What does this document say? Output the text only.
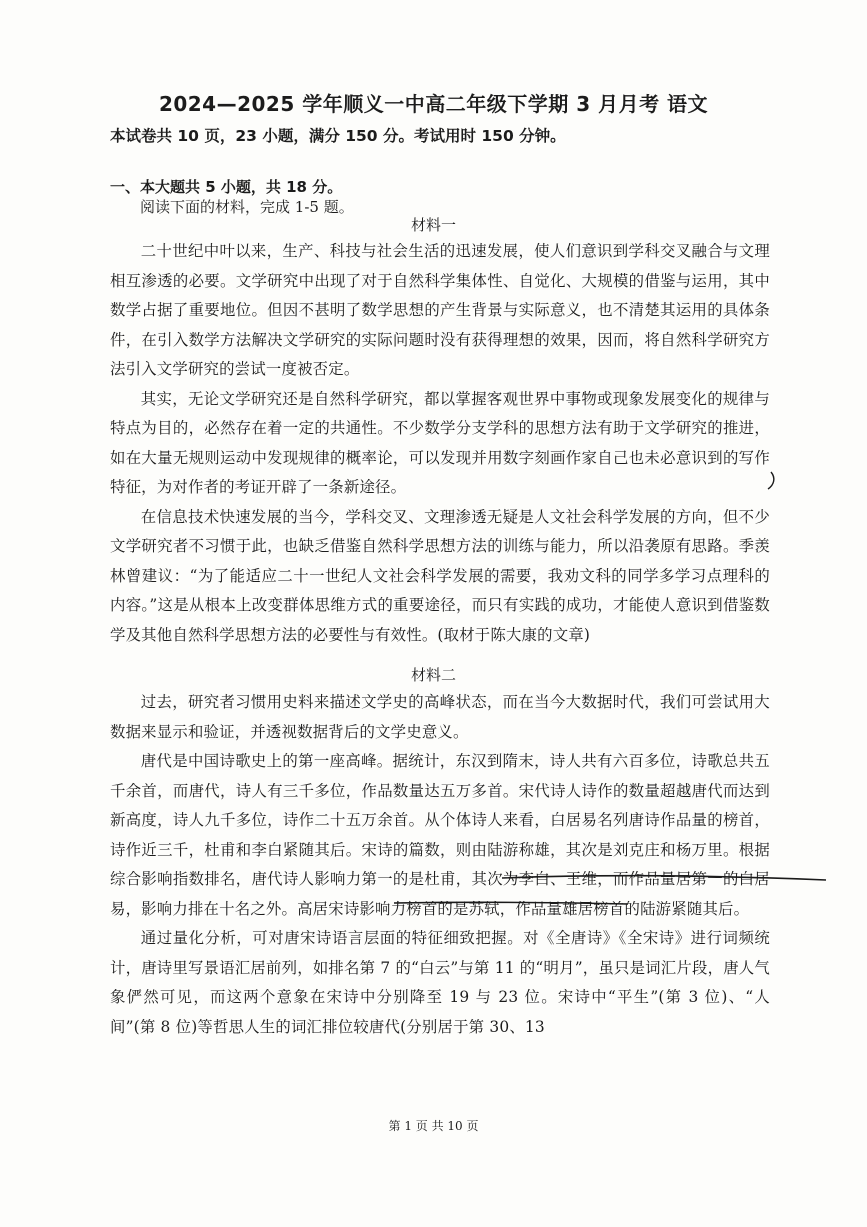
2024—2025 学年顺义一中高二年级下学期 3 月月考 语文
本试卷共 10 页，23 小题，满分 150 分。考试用时 150 分钟。
一、本大题共 5 小题，共 18 分。
阅读下面的材料，完成 1-5 题。
材料一

二十世纪中叶以来，生产、科技与社会生活的迅速发展，使人们意识到学科交叉融合与文理相互渗透的必要。文学研究中出现了对于自然科学集体性、自觉化、大规模的借鉴与运用，其中数学占据了重要地位。但因不甚明了数学思想的产生背景与实际意义，也不清楚其运用的具体条件，在引入数学方法解决文学研究的实际问题时没有获得理想的效果，因而，将自然科学研究方法引入文学研究的尝试一度被否定。

其实，无论文学研究还是自然科学研究，都以掌握客观世界中事物或现象发展变化的规律与特点为目的，必然存在着一定的共通性。不少数学分支学科的思想方法有助于文学研究的推进，如在大量无规则运动中发现规律的概率论，可以发现并用数字刻画作家自己也未必意识到的写作特征，为对作者的考证开辟了一条新途径。

在信息技术快速发展的当今，学科交叉、文理渗透无疑是人文社会科学发展的方向，但不少文学研究者不习惯于此，也缺乏借鉴自然科学思想方法的训练与能力，所以沿袭原有思路。季羡林曾建议：“为了能适应二十一世纪人文社会科学发展的需要，我劝文科的同学多学习点理科的内容。”这是从根本上改变群体思维方式的重要途径，而只有实践的成功，才能使人意识到借鉴数学及其他自然科学思想方法的必要性与有效性。(取材于陈大康的文章)

材料二

过去，研究者习惯用史料来描述文学史的高峰状态，而在当今大数据时代，我们可尝试用大数据来显示和验证，并透视数据背后的文学史意义。

唐代是中国诗歌史上的第一座高峰。据统计，东汉到隋末，诗人共有六百多位，诗歌总共五千余首，而唐代，诗人有三千多位，作品数量达五万多首。宋代诗人诗作的数量超越唐代而达到新高度，诗人九千多位，诗作二十五万余首。从个体诗人来看，白居易名列唐诗作品量的榜首，诗作近三千，杜甫和李白紧随其后。宋诗的篇数，则由陆游称雄，其次是刘克庄和杨万里。根据综合影响指数排名，唐代诗人影响力第一的是杜甫，其次为李白、王维，而作品量居第一的白居易，影响力排在十名之外。高居宋诗影响力榜首的是苏轼，作品量雄居榜首的陆游紧随其后。

通过量化分析，可对唐宋诗语言层面的特征细致把握。对《全唐诗》《全宋诗》进行词频统计，唐诗里写景语汇居前列，如排名第 7 的“白云”与第 11 的“明月”，虽只是词汇片段，唐人气象俨然可见，而这两个意象在宋诗中分别降至 19 与 23 位。宋诗中“平生”(第 3 位)、“人间”(第 8 位)等哲思人生的词汇排位较唐代(分别居于第 30、13

第 1 页 共 10 页
